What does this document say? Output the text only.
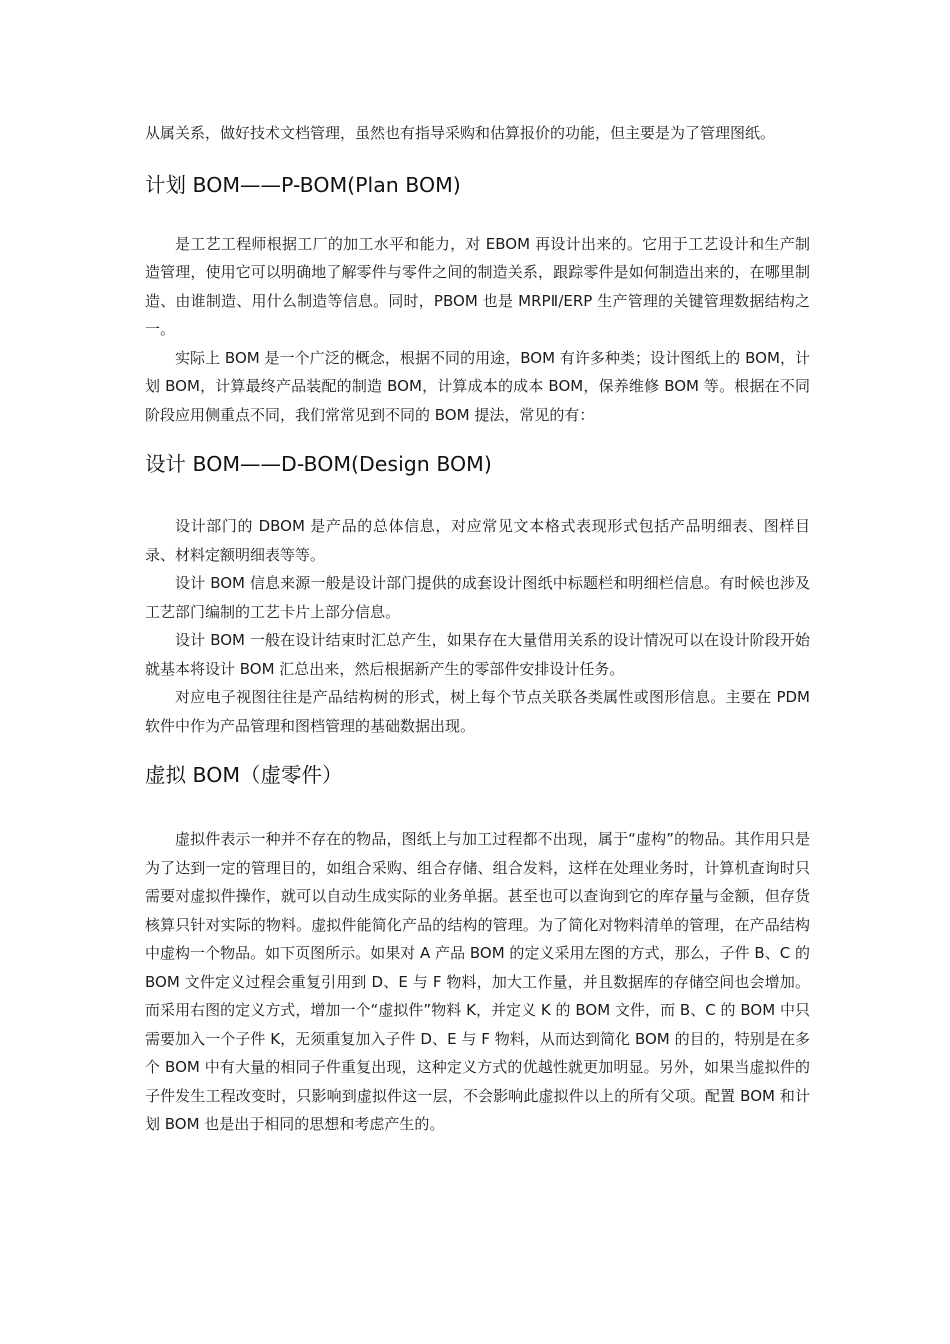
从属关系，做好技术文档管理，虽然也有指导采购和估算报价的功能，但主要是为了管理图纸。

计划 BOM——P-BOM(Plan BOM)

是工艺工程师根据工厂的加工水平和能力，对 EBOM 再设计出来的。它用于工艺设计和生产制造管理，使用它可以明确地了解零件与零件之间的制造关系，跟踪零件是如何制造出来的，在哪里制造、由谁制造、用什么制造等信息。同时，PBOM 也是 MRPⅡ/ERP 生产管理的关键管理数据结构之一。

实际上 BOM 是一个广泛的概念，根据不同的用途，BOM 有许多种类；设计图纸上的 BOM，计划 BOM，计算最终产品装配的制造 BOM，计算成本的成本 BOM，保养维修 BOM 等。根据在不同阶段应用侧重点不同，我们常常见到不同的 BOM 提法，常见的有：

设计 BOM——D-BOM(Design BOM)

设计部门的 DBOM 是产品的总体信息，对应常见文本格式表现形式包括产品明细表、图样目录、材料定额明细表等等。

设计 BOM 信息来源一般是设计部门提供的成套设计图纸中标题栏和明细栏信息。有时候也涉及工艺部门编制的工艺卡片上部分信息。

设计 BOM 一般在设计结束时汇总产生，如果存在大量借用关系的设计情况可以在设计阶段开始就基本将设计 BOM 汇总出来，然后根据新产生的零部件安排设计任务。

对应电子视图往往是产品结构树的形式，树上每个节点关联各类属性或图形信息。主要在 PDM 软件中作为产品管理和图档管理的基础数据出现。

虚拟 BOM（虚零件）

虚拟件表示一种并不存在的物品，图纸上与加工过程都不出现，属于“虚构”的物品。其作用只是为了达到一定的管理目的，如组合采购、组合存储、组合发料，这样在处理业务时，计算机查询时只需要对虚拟件操作，就可以自动生成实际的业务单据。甚至也可以查询到它的库存量与金额，但存货核算只针对实际的物料。虚拟件能简化产品的结构的管理。为了简化对物料清单的管理，在产品结构中虚构一个物品。如下页图所示。如果对 A 产品 BOM 的定义采用左图的方式，那么，子件 B、C 的 BOM 文件定义过程会重复引用到 D、E 与 F 物料，加大工作量，并且数据库的存储空间也会增加。而采用右图的定义方式，增加一个“虚拟件”物料 K，并定义 K 的 BOM 文件，而 B、C 的 BOM 中只需要加入一个子件 K，无须重复加入子件 D、E 与 F 物料，从而达到简化 BOM 的目的，特别是在多个 BOM 中有大量的相同子件重复出现，这种定义方式的优越性就更加明显。另外，如果当虚拟件的子件发生工程改变时，只影响到虚拟件这一层，不会影响此虚拟件以上的所有父项。配置 BOM 和计划 BOM 也是出于相同的思想和考虑产生的。
